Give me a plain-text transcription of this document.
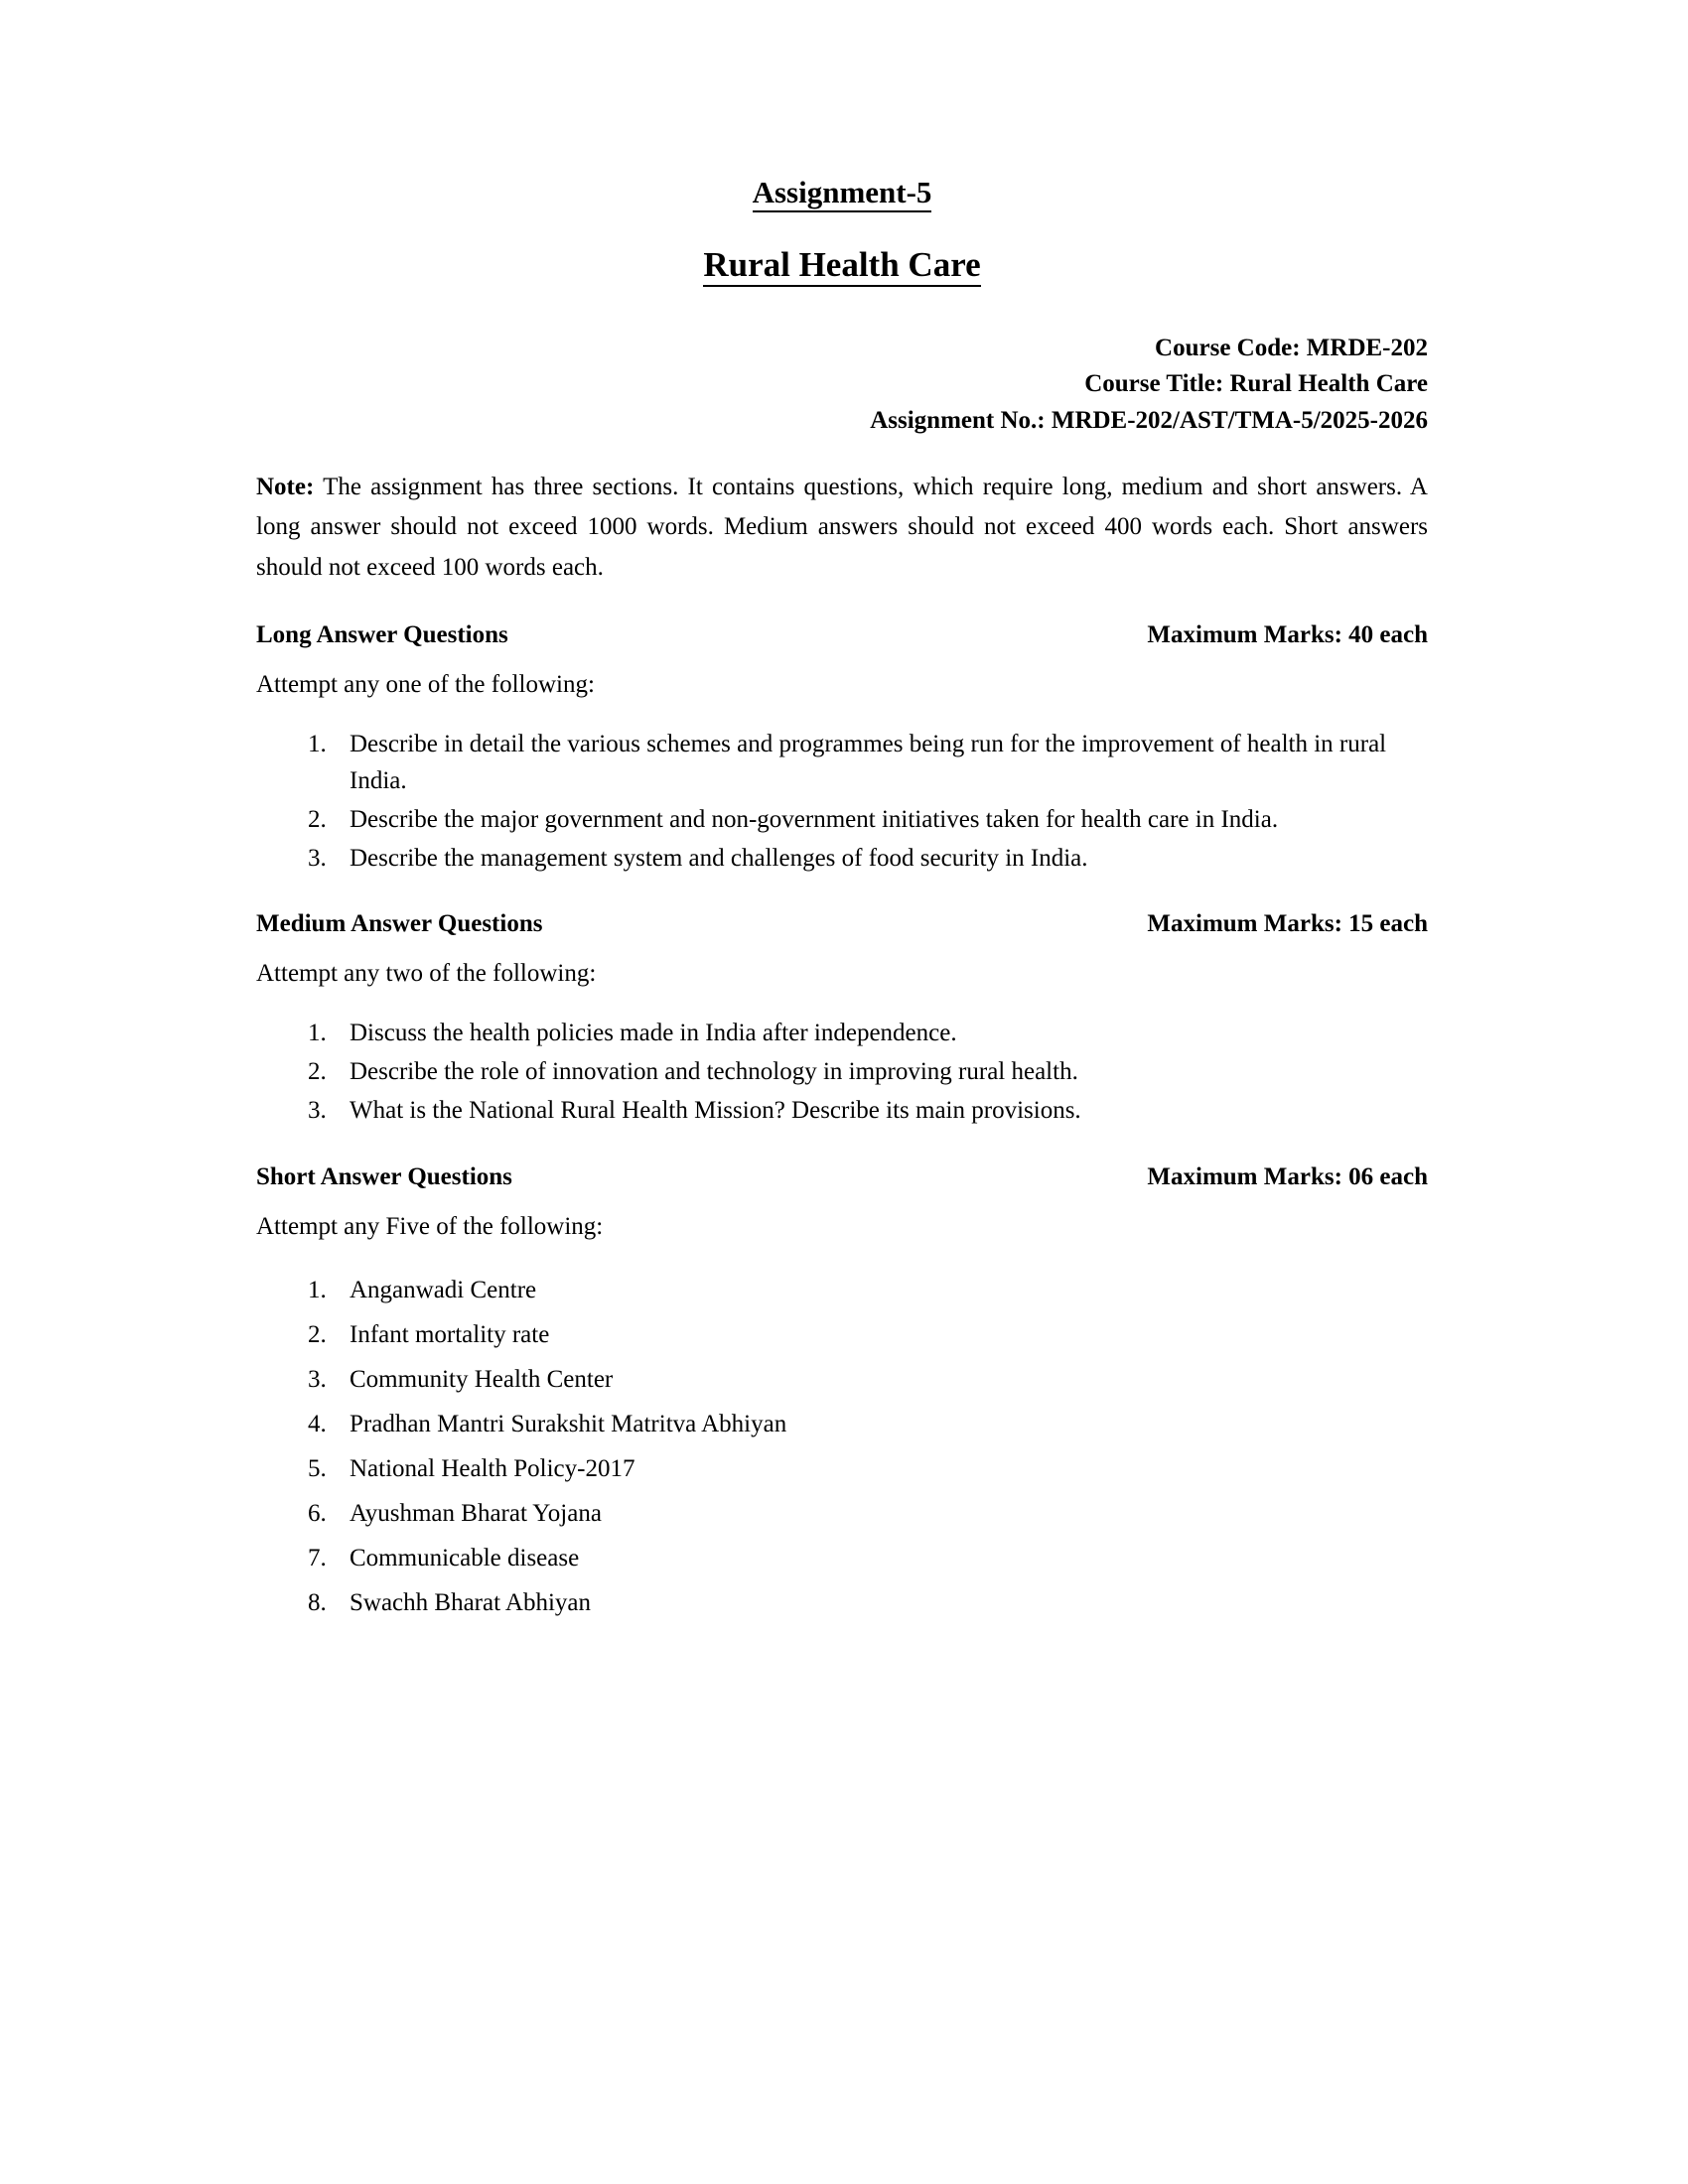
Assignment-5
Rural Health Care
Course Code: MRDE-202
Course Title: Rural Health Care
Assignment No.: MRDE-202/AST/TMA-5/2025-2026

Note: The assignment has three sections. It contains questions, which require long, medium and short answers. A long answer should not exceed 1000 words. Medium answers should not exceed 400 words each. Short answers should not exceed 100 words each.

Long Answer Questions	Maximum Marks: 40 each

Attempt any one of the following:

1. Describe in detail the various schemes and programmes being run for the improvement of health in rural India.
2. Describe the major government and non-government initiatives taken for health care in India.
3. Describe the management system and challenges of food security in India.
Medium Answer Questions	Maximum Marks: 15 each

Attempt any two of the following:

1. Discuss the health policies made in India after independence.
2. Describe the role of innovation and technology in improving rural health.
3. What is the National Rural Health Mission? Describe its main provisions.
Short Answer Questions	Maximum Marks: 06 each

Attempt any Five of the following:

1. Anganwadi Centre
2. Infant mortality rate
3. Community Health Center
4. Pradhan Mantri Surakshit Matritva Abhiyan
5. National Health Policy-2017
6. Ayushman Bharat Yojana
7. Communicable disease
8. Swachh Bharat Abhiyan
